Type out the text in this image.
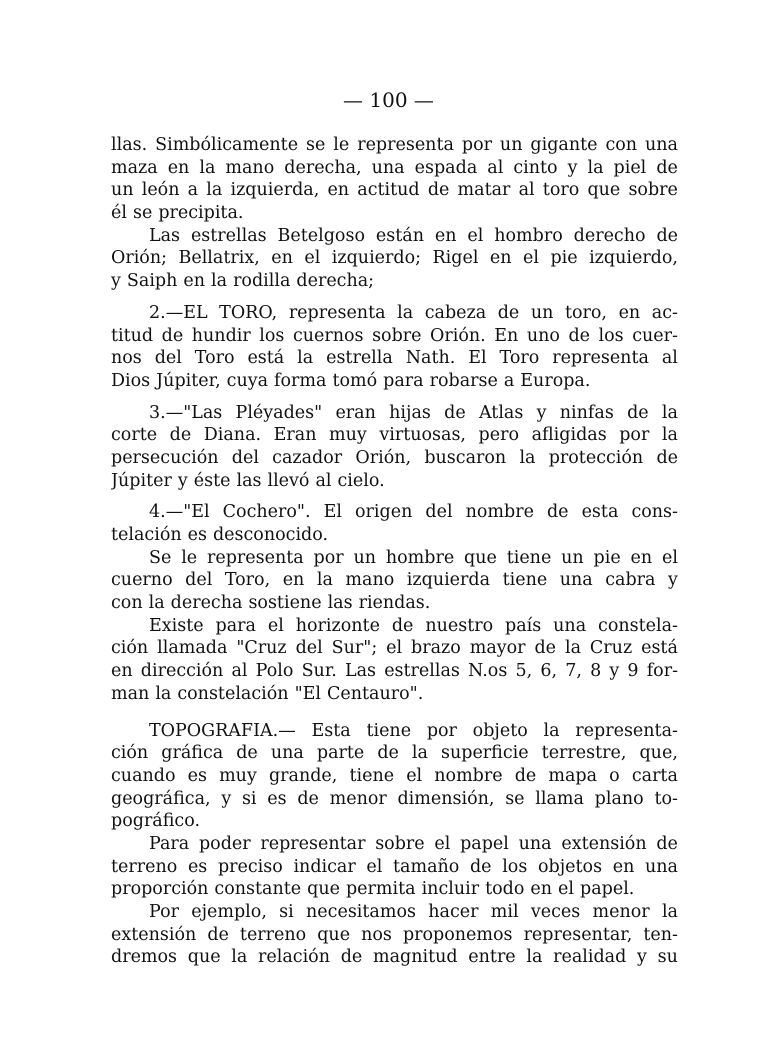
— 100 —
llas. Simbólicamente se le representa por un gigante con una
maza en la mano derecha, una espada al cinto y la piel de
un león a la izquierda, en actitud de matar al toro que sobre
él se precipita.
Las estrellas Betelgoso están en el hombro derecho de
Orión; Bellatrix, en el izquierdo; Rigel en el pie izquierdo,
y Saiph en la rodilla derecha;
2.—EL TORO, representa la cabeza de un toro, en ac-
titud de hundir los cuernos sobre Orión. En uno de los cuer-
nos del Toro está la estrella Nath. El Toro representa al
Dios Júpiter, cuya forma tomó para robarse a Europa.
3.—"Las Pléyades" eran hijas de Atlas y ninfas de la
corte de Diana. Eran muy virtuosas, pero afligidas por la
persecución del cazador Orión, buscaron la protección de
Júpiter y éste las llevó al cielo.
4.—"El Cochero". El origen del nombre de esta cons-
telación es desconocido.
Se le representa por un hombre que tiene un pie en el
cuerno del Toro, en la mano izquierda tiene una cabra y
con la derecha sostiene las riendas.
Existe para el horizonte de nuestro país una constela-
ción llamada "Cruz del Sur"; el brazo mayor de la Cruz está
en dirección al Polo Sur. Las estrellas N.os 5, 6, 7, 8 y 9 for-
man la constelación "El Centauro".
TOPOGRAFIA.— Esta tiene por objeto la representa-
ción gráfica de una parte de la superficie terrestre, que,
cuando es muy grande, tiene el nombre de mapa o carta
geográfica, y si es de menor dimensión, se llama plano to-
pográfico.
Para poder representar sobre el papel una extensión de
terreno es preciso indicar el tamaño de los objetos en una
proporción constante que permita incluir todo en el papel.
Por ejemplo, si necesitamos hacer mil veces menor la
extensión de terreno que nos proponemos representar, ten-
dremos que la relación de magnitud entre la realidad y su
